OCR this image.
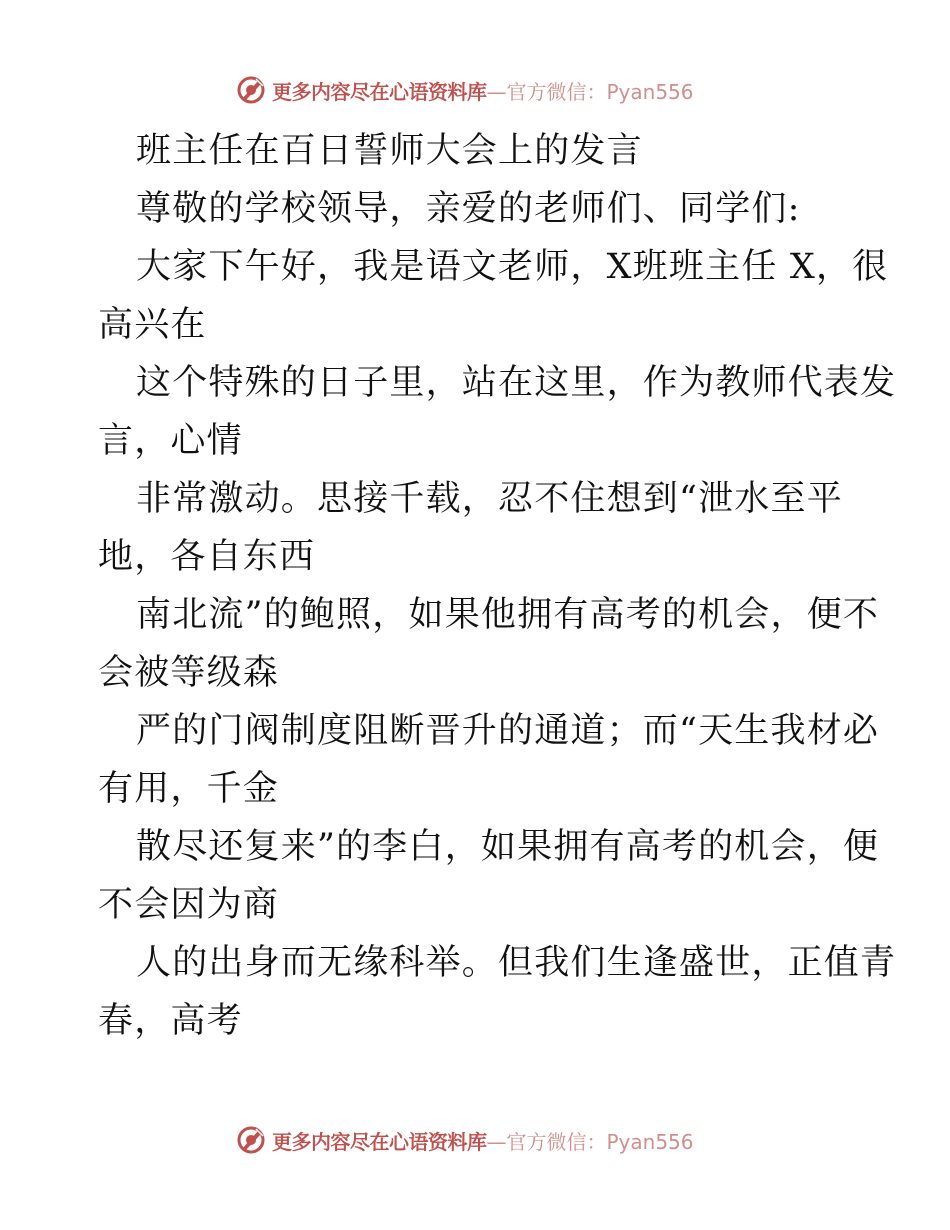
更多内容尽在心语资料库 —官方微信：Pyan556
班主任在百日誓师大会上的发言
尊敬的学校领导，亲爱的老师们、同学们:
大家下午好，我是语文老师，X班班主任 X，很
高兴在
这个特殊的日子里，站在这里，作为教师代表发
言，心情
非常激动。思接千载，忍不住想到“泄水至平
地，各自东西
南北流”的鲍照，如果他拥有高考的机会，便不
会被等级森
严的门阀制度阻断晋升的通道；而“天生我材必
有用，千金
散尽还复来”的李白，如果拥有高考的机会，便
不会因为商
人的出身而无缘科举。但我们生逢盛世，正值青
春，高考
更多内容尽在心语资料库 —官方微信：Pyan556
